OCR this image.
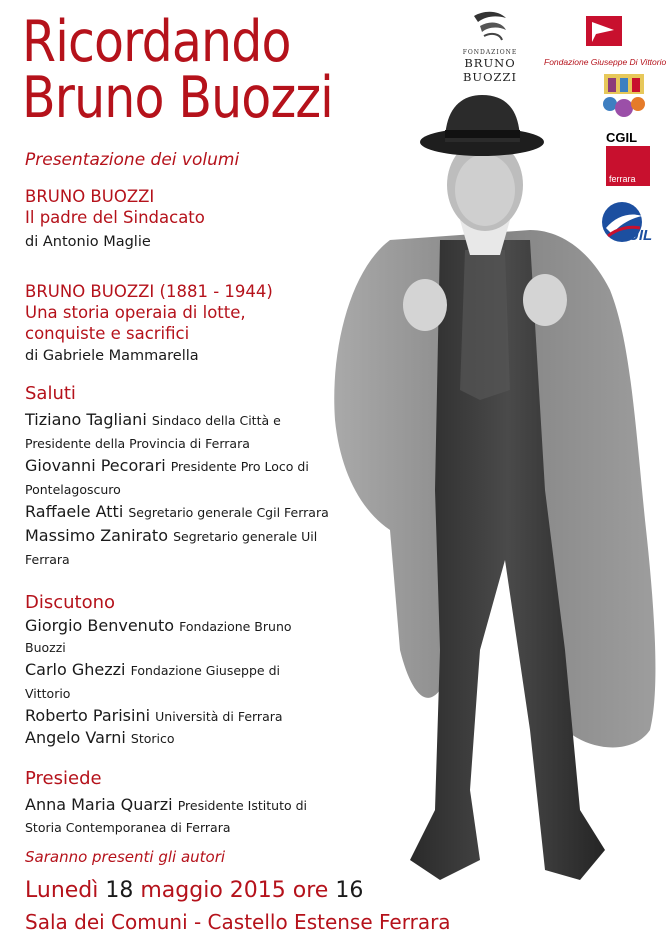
Ricordando
Bruno Buozzi
FONDAZIONE
BRUNO BUOZZI
Fondazione Giuseppe Di Vittorio
CGIL
ferrara
UIL
Ferrara
Presentazione dei volumi
BRUNO BUOZZI
Il padre del Sindacato
di Antonio Maglie
BRUNO BUOZZI (1881 - 1944)
Una storia operaia di lotte,
conquiste e sacrifici
di Gabriele Mammarella
Saluti
Tiziano Tagliani Sindaco della Città e
Presidente della Provincia di Ferrara
Giovanni Pecorari Presidente Pro Loco di
Pontelagoscuro
Raffaele Atti Segretario generale Cgil Ferrara
Massimo Zanirato Segretario generale Uil
Ferrara
Discutono
Giorgio Benvenuto Fondazione Bruno
Buozzi
Carlo Ghezzi Fondazione Giuseppe di
Vittorio
Roberto Parisini Università di Ferrara
Angelo Varni Storico
Presiede
Anna Maria Quarzi Presidente Istituto di
Storia Contemporanea di Ferrara
Saranno presenti gli autori
Lunedì 18 maggio 2015 ore 16
Sala dei Comuni - Castello Estense Ferrara
